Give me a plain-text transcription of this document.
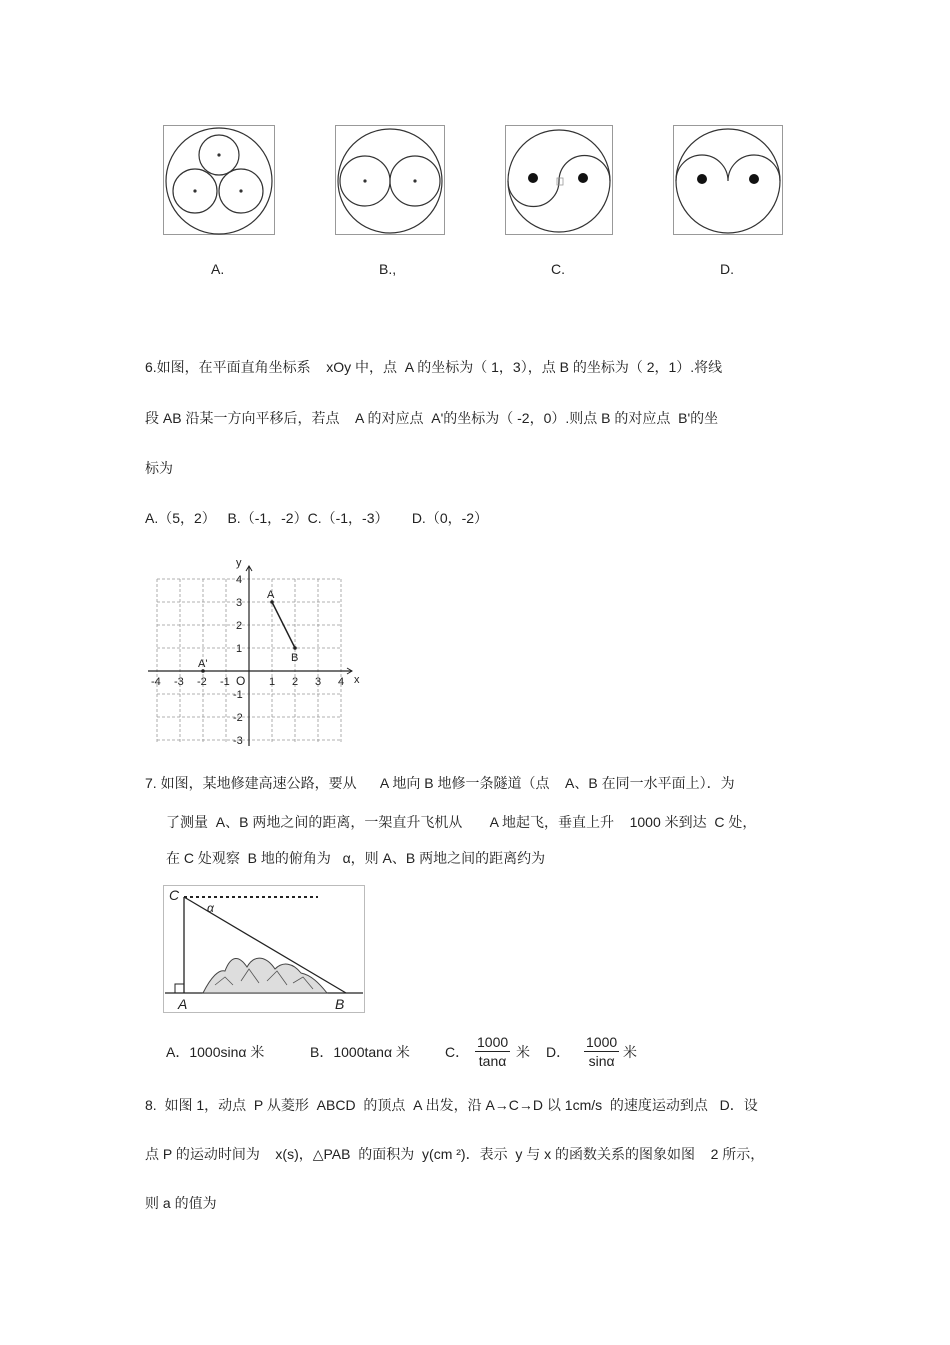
A.	B.,	C.	D.
6.如图，在平面直角坐标系    xOy 中，点  A 的坐标为（ 1，3），点 B 的坐标为（ 2，1）.将线
段 AB 沿某一方向平移后，若点    A 的对应点  A'的坐标为（ -2，0）.则点 B 的对应点  B'的坐
标为
A.（5，2）   B.（-1，-2）C.（-1，-3）      D.（0，-2）
x
y
O
-4 -3 -2 -1	1 2 3 4
4
3
2
1
-1
-2
-3
A
B
A'
7. 如图，某地修建高速公路，要从      A 地向 B 地修一条隧道（点    A、B 在同一水平面上）．为
了测量  A、B 两地之间的距离，一架直升飞机从       A 地起飞，垂直上升    1000 米到达  C 处，
在 C 处观察  B 地的俯角为   α，则 A、B 两地之间的距离约为
C
α
A	B
A．1000sinα 米	B．1000tanα 米	C． $\frac{1000}{\tan\alpha}$ 米 D． $\frac{1000}{\sin\alpha}$ 米
8.  如图 1，动点  P 从菱形  ABCD  的顶点  A 出发，沿 A→C→D 以 1cm/s  的速度运动到点   D．设
点 P 的运动时间为    x(s)，△PAB  的面积为  y(cm ²)．表示  y 与 x 的函数关系的图象如图    2 所示，
则 a 的值为
